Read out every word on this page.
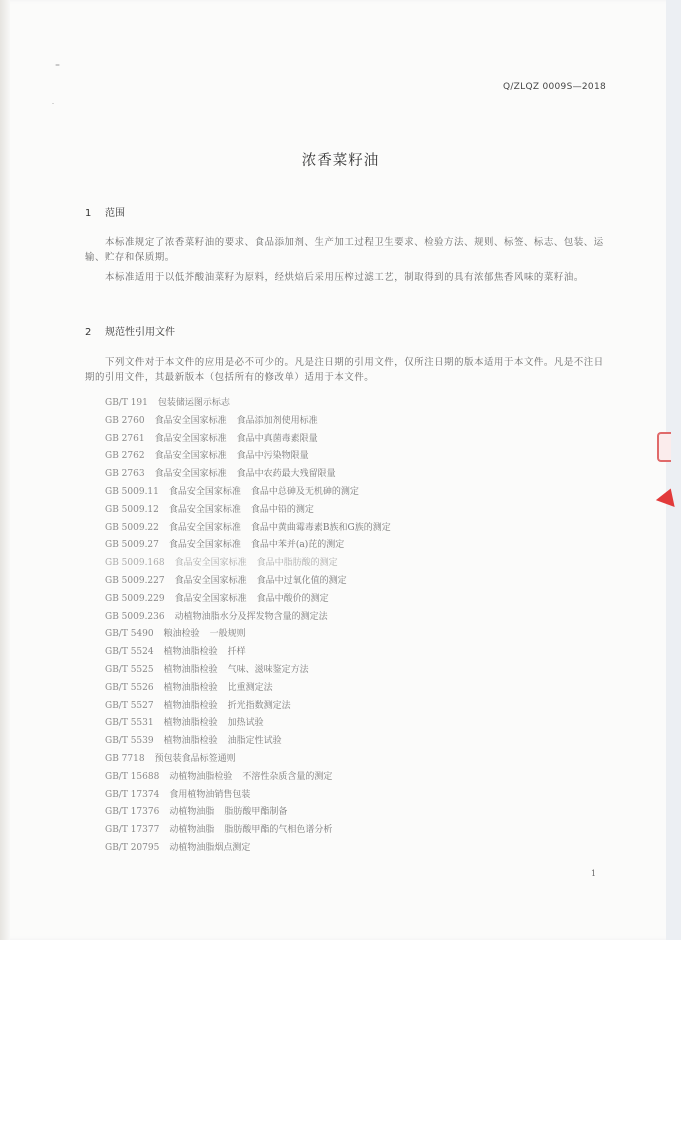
=
-
Q/ZLQZ 0009S—2018
浓香菜籽油
1 范围

本标准规定了浓香菜籽油的要求、食品添加剂、生产加工过程卫生要求、检验方法、规则、标签、标志、包装、运输、贮存和保质期。

本标准适用于以低芥酸油菜籽为原料，经烘焙后采用压榨过滤工艺，制取得到的具有浓郁焦香风味的菜籽油。

2 规范性引用文件

下列文件对于本文件的应用是必不可少的。凡是注日期的引用文件，仅所注日期的版本适用于本文件。凡是不注日期的引用文件，其最新版本（包括所有的修改单）适用于本文件。

GB/T 191 包装储运图示标志
GB 2760 食品安全国家标准 食品添加剂使用标准
GB 2761 食品安全国家标准 食品中真菌毒素限量
GB 2762 食品安全国家标准 食品中污染物限量
GB 2763 食品安全国家标准 食品中农药最大残留限量
GB 5009.11 食品安全国家标准 食品中总砷及无机砷的测定
GB 5009.12 食品安全国家标准 食品中铅的测定
GB 5009.22 食品安全国家标准 食品中黄曲霉毒素B族和G族的测定
GB 5009.27 食品安全国家标准 食品中苯并(a)芘的测定
GB 5009.168 食品安全国家标准 食品中脂肪酸的测定
GB 5009.227 食品安全国家标准 食品中过氧化值的测定
GB 5009.229 食品安全国家标准 食品中酸价的测定
GB 5009.236 动植物油脂水分及挥发物含量的测定法
GB/T 5490 粮油检验 一般规则
GB/T 5524 植物油脂检验 扦样
GB/T 5525 植物油脂检验 气味、滋味鉴定方法
GB/T 5526 植物油脂检验 比重测定法
GB/T 5527 植物油脂检验 折光指数测定法
GB/T 5531 植物油脂检验 加热试验
GB/T 5539 植物油脂检验 油脂定性试验
GB 7718 预包装食品标签通则
GB/T 15688 动植物油脂检验 不溶性杂质含量的测定
GB/T 17374 食用植物油销售包装
GB/T 17376 动植物油脂 脂肪酸甲酯制备
GB/T 17377 动植物油脂 脂肪酸甲酯的气相色谱分析
GB/T 20795 动植物油脂烟点测定
1
